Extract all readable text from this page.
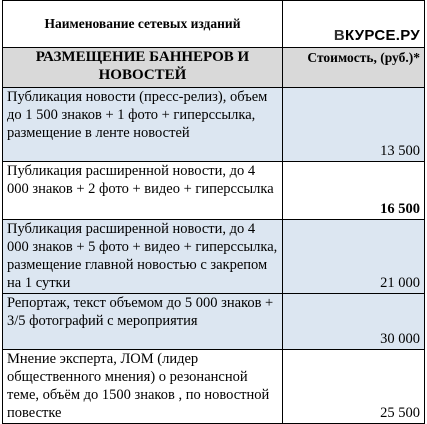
Наименование сетевых изданий	ВКУРСЕ.РУ
РАЗМЕЩЕНИЕ БАННЕРОВ И НОВОСТЕЙ	Стоимость, (руб.)*
Публикация новости (пресс-релиз), объем до 1 500 знаков + 1 фото + гиперссылка, размещение в ленте новостей	13 500
Публикация расширенной новости, до 4 000 знаков + 2 фото + видео + гиперссылка	16 500
Публикация расширенной новости, до 4 000 знаков + 5 фото + видео + гиперссылка, размещение главной новостью с закрепом на 1 сутки	21 000
Репортаж, текст объемом до 5 000 знаков + 3/5 фотографий с мероприятия	30 000
Мнение эксперта, ЛОМ (лидер общественного мнения) о резонансной теме, объём до 1500 знаков , по новостной повестке	25 500
